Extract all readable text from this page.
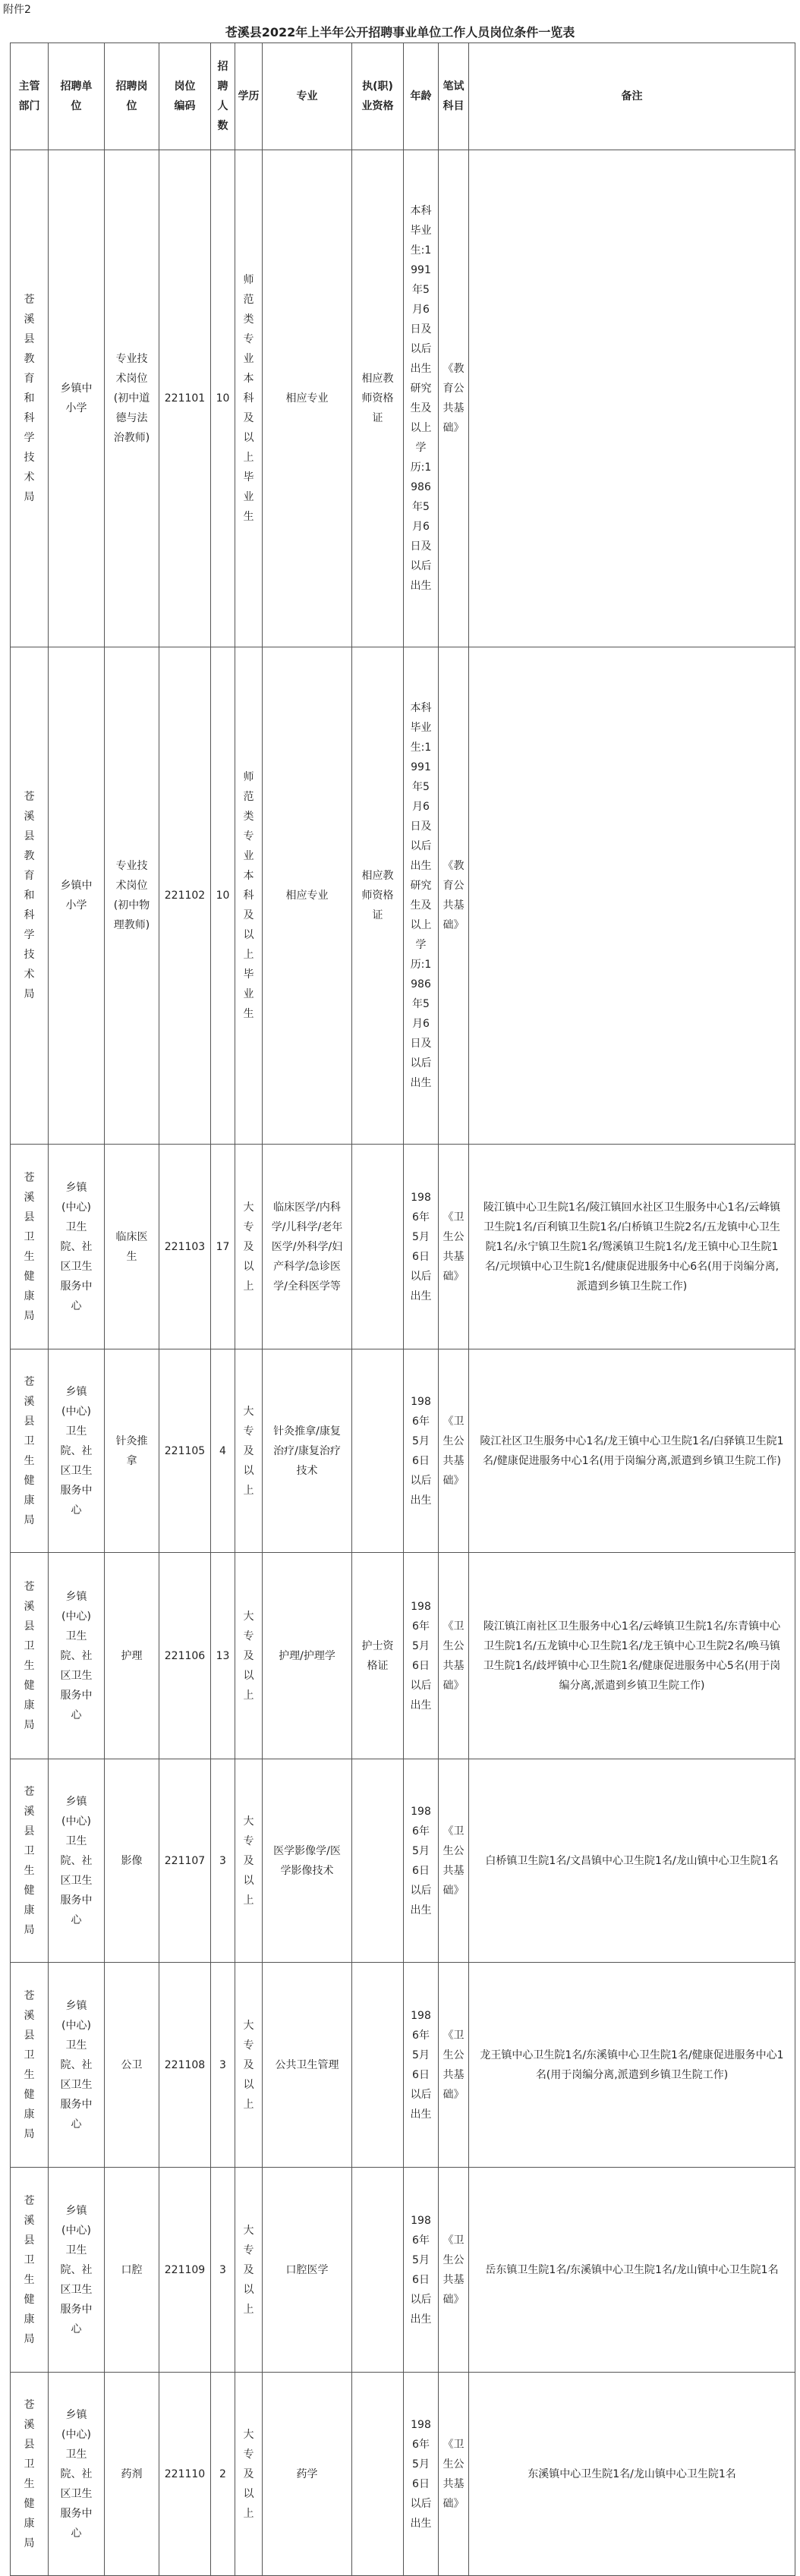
附件2
苍溪县2022年上半年公开招聘事业单位工作人员岗位条件一览表
主管部门	招聘单位	招聘岗位	岗位编码	招聘人数	学历	专业	执(职)业资格	年龄	笔试科目	备注
苍溪县教育和科学技术局	乡镇中小学	专业技术岗位(初中道德与法治教师)	221101	10	师范类专业本科及以上毕业生	相应专业	相应教师资格证	本科毕业生:1991年5月6日及以后出生研究生及以上学历:1986年5月6日及以后出生	《教育公共基础》	
苍溪县教育和科学技术局	乡镇中小学	专业技术岗位(初中物理教师)	221102	10	师范类专业本科及以上毕业生	相应专业	相应教师资格证	本科毕业生:1991年5月6日及以后出生研究生及以上学历:1986年5月6日及以后出生	《教育公共基础》	
苍溪县卫生健康局	乡镇(中心)卫生院、社区卫生服务中心	临床医生	221103	17	大专及以上	临床医学/内科学/儿科学/老年医学/外科学/妇产科学/急诊医学/全科医学等		1986年5月6日以后出生	《卫生公共基础》	陵江镇中心卫生院1名/陵江镇回水社区卫生服务中心1名/云峰镇卫生院1名/百利镇卫生院1名/白桥镇卫生院2名/五龙镇中心卫生院1名/永宁镇卫生院1名/鸳溪镇卫生院1名/龙王镇中心卫生院1名/元坝镇中心卫生院1名/健康促进服务中心6名(用于岗编分离,派遣到乡镇卫生院工作)
苍溪县卫生健康局	乡镇(中心)卫生院、社区卫生服务中心	针灸推拿	221105	4	大专及以上	针灸推拿/康复治疗/康复治疗技术		1986年5月6日以后出生	《卫生公共基础》	陵江社区卫生服务中心1名/龙王镇中心卫生院1名/白驿镇卫生院1名/健康促进服务中心1名(用于岗编分离,派遣到乡镇卫生院工作)
苍溪县卫生健康局	乡镇(中心)卫生院、社区卫生服务中心	护理	221106	13	大专及以上	护理/护理学	护士资格证	1986年5月6日以后出生	《卫生公共基础》	陵江镇江南社区卫生服务中心1名/云峰镇卫生院1名/东青镇中心卫生院1名/五龙镇中心卫生院1名/龙王镇中心卫生院2名/唤马镇卫生院1名/歧坪镇中心卫生院1名/健康促进服务中心5名(用于岗编分离,派遣到乡镇卫生院工作)
苍溪县卫生健康局	乡镇(中心)卫生院、社区卫生服务中心	影像	221107	3	大专及以上	医学影像学/医学影像技术		1986年5月6日以后出生	《卫生公共基础》	白桥镇卫生院1名/文昌镇中心卫生院1名/龙山镇中心卫生院1名
苍溪县卫生健康局	乡镇(中心)卫生院、社区卫生服务中心	公卫	221108	3	大专及以上	公共卫生管理		1986年5月6日以后出生	《卫生公共基础》	龙王镇中心卫生院1名/东溪镇中心卫生院1名/健康促进服务中心1名(用于岗编分离,派遣到乡镇卫生院工作)
苍溪县卫生健康局	乡镇(中心)卫生院、社区卫生服务中心	口腔	221109	3	大专及以上	口腔医学		1986年5月6日以后出生	《卫生公共基础》	岳东镇卫生院1名/东溪镇中心卫生院1名/龙山镇中心卫生院1名
苍溪县卫生健康局	乡镇(中心)卫生院、社区卫生服务中心	药剂	221110	2	大专及以上	药学		1986年5月6日以后出生	《卫生公共基础》	东溪镇中心卫生院1名/龙山镇中心卫生院1名
